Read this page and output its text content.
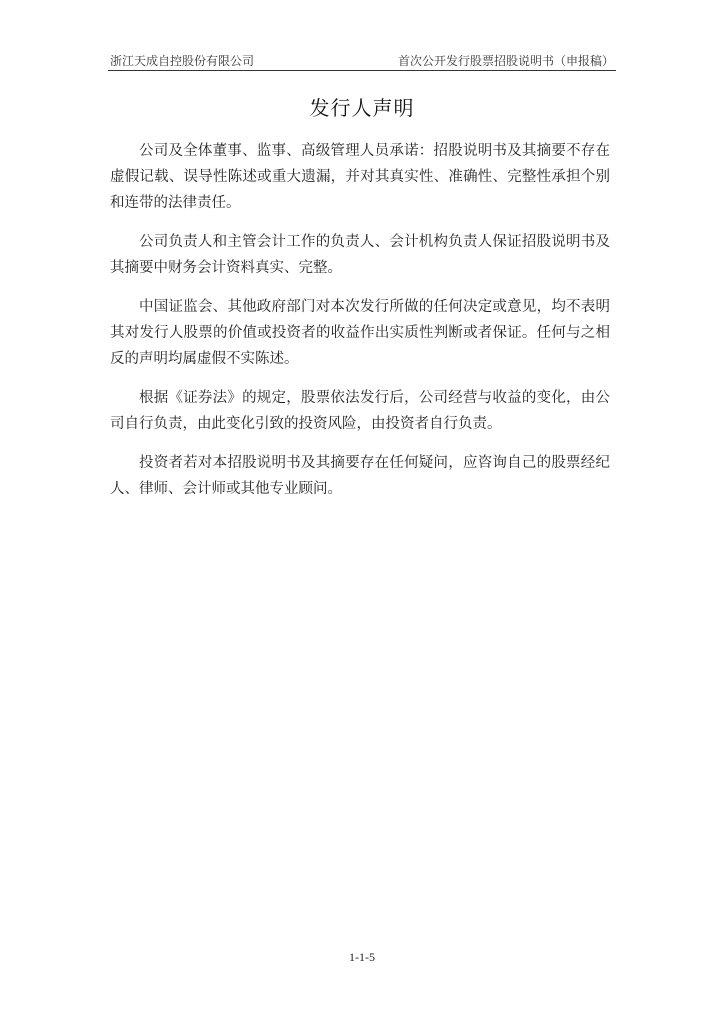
浙江天成自控股份有限公司	首次公开发行股票招股说明书（申报稿）
发行人声明

公司及全体董事、监事、高级管理人员承诺：招股说明书及其摘要不存在虚假记载、误导性陈述或重大遗漏，并对其真实性、准确性、完整性承担个别和连带的法律责任。

公司负责人和主管会计工作的负责人、会计机构负责人保证招股说明书及其摘要中财务会计资料真实、完整。

中国证监会、其他政府部门对本次发行所做的任何决定或意见，均不表明其对发行人股票的价值或投资者的收益作出实质性判断或者保证。任何与之相反的声明均属虚假不实陈述。

根据《证券法》的规定，股票依法发行后，公司经营与收益的变化，由公司自行负责，由此变化引致的投资风险，由投资者自行负责。

投资者若对本招股说明书及其摘要存在任何疑问，应咨询自己的股票经纪人、律师、会计师或其他专业顾问。

1-1-5
